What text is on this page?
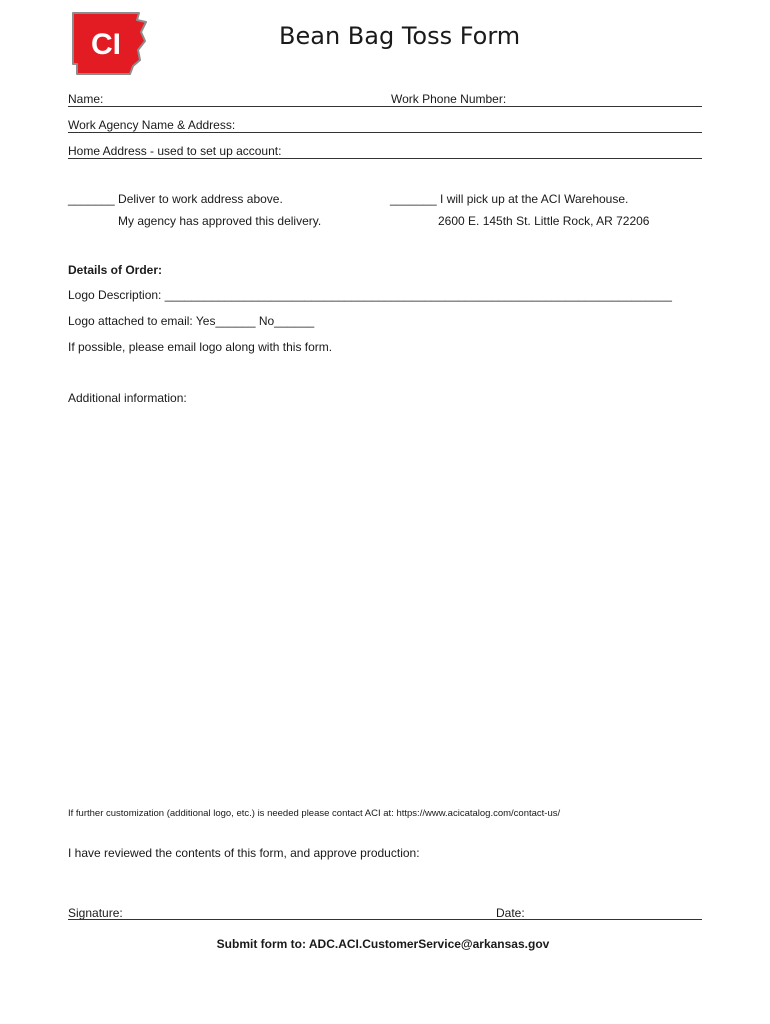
CI	Bean Bag Toss Form
Name:	Work Phone Number:
Work Agency Name & Address:
Home Address - used to set up account:
_______ Deliver to work address above.
My agency has approved this delivery.
_______ I will pick up at the ACI Warehouse.
2600 E. 145th St. Little Rock, AR 72206
Details of Order:
Logo Description: ____________________________________________________________________________
Logo attached to email: Yes______ No______
If possible, please email logo along with this form.
Additional information:
If further customization (additional logo, etc.) is needed please contact ACI at: https://www.acicatalog.com/contact-us/
I have reviewed the contents of this form, and approve production:
Signature:	Date:
Submit form to: ADC.ACI.CustomerService@arkansas.gov
